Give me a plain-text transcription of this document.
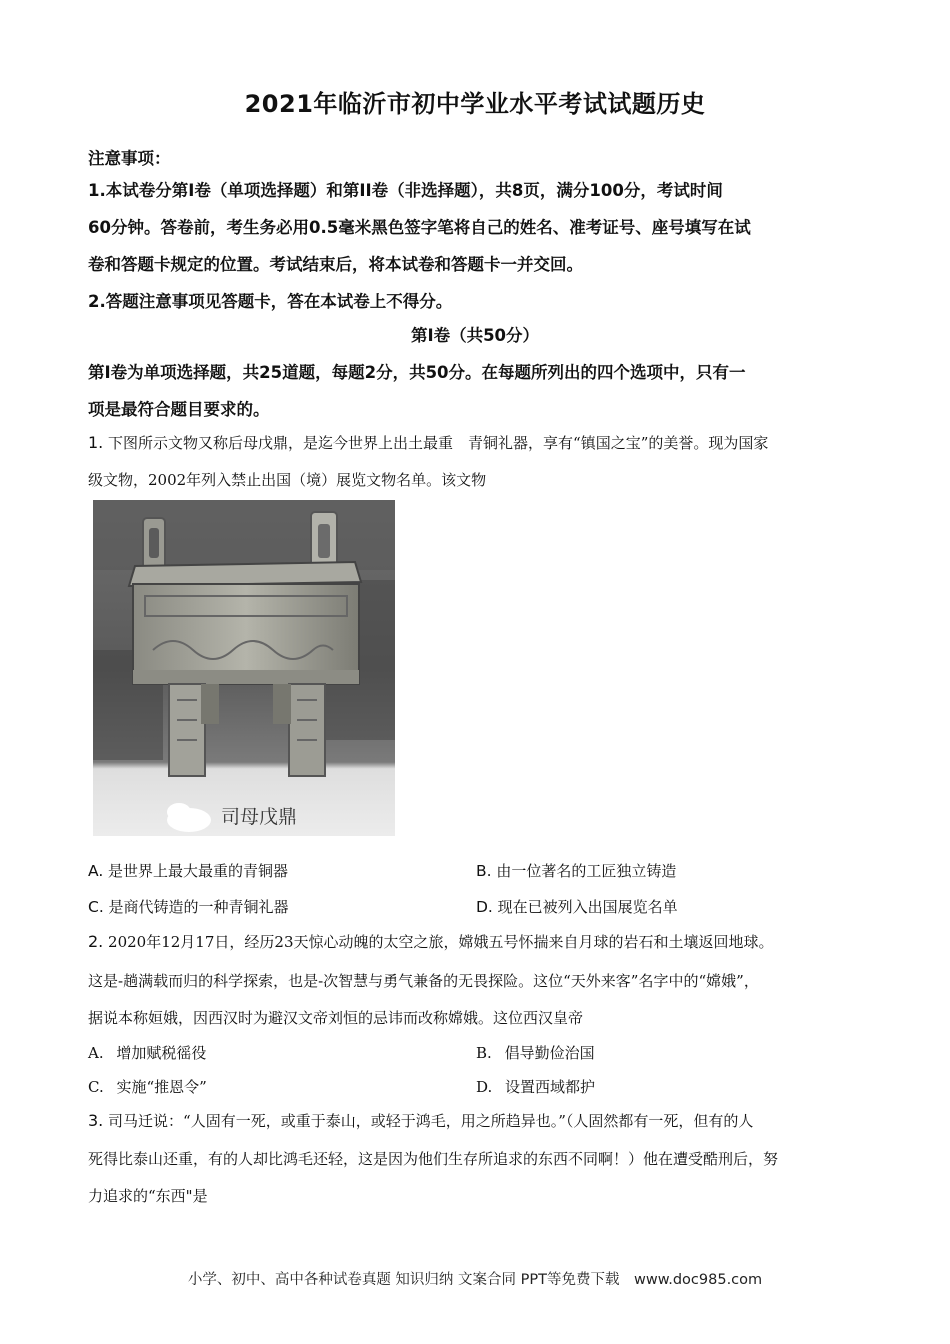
2021年临沂市初中学业水平考试试题历史
注意事项：
1.本试卷分第Ⅰ卷（单项选择题）和第II卷（非选择题），共8页，满分100分，考试时间
60分钟。答卷前，考生务必用0.5毫米黑色签字笔将自己的姓名、准考证号、座号填写在试
卷和答题卡规定的位置。考试结束后，将本试卷和答题卡一并交回。
2.答题注意事项见答题卡，答在本试卷上不得分。
第Ⅰ卷（共50分）
第Ⅰ卷为单项选择题，共25道题，每题2分，共50分。在每题所列出的四个选项中，只有一
项是最符合题目要求的。
1. 下图所示文物又称后母戊鼎，是迄今世界上出土最重　青铜礼器，享有“镇国之宝”的美誉。现为国家
级文物，2002年列入禁止出国（境）展览文物名单。该文物
司母戊鼎
A. 是世界上最大最重的青铜器	B. 由一位著名的工匠独立铸造
C. 是商代铸造的一种青铜礼器	D. 现在已被列入出国展览名单
2. 2020年12月17日，经历23天惊心动魄的太空之旅，嫦娥五号怀揣来自月球的岩石和土壤返回地球。
这是-趟满载而归的科学探索，也是-次智慧与勇气兼备的无畏探险。这位“天外来客”名字中的“嫦娥”，
据说本称姮娥，因西汉时为避汉文帝刘恒的忌讳而改称嫦娥。这位西汉皇帝
A. 增加赋税徭役	B. 倡导勤俭治国
C. 实施“推恩令”	D. 设置西域都护
3. 司马迁说：“人固有一死，或重于泰山，或轻于鸿毛，用之所趋异也。”（人固然都有一死，但有的人
死得比泰山还重，有的人却比鸿毛还轻，这是因为他们生存所追求的东西不同啊！）他在遭受酷刑后，努
力追求的“东西"是
小学、初中、高中各种试卷真题 知识归纳 文案合同 PPT等免费下载　www.doc985.com
